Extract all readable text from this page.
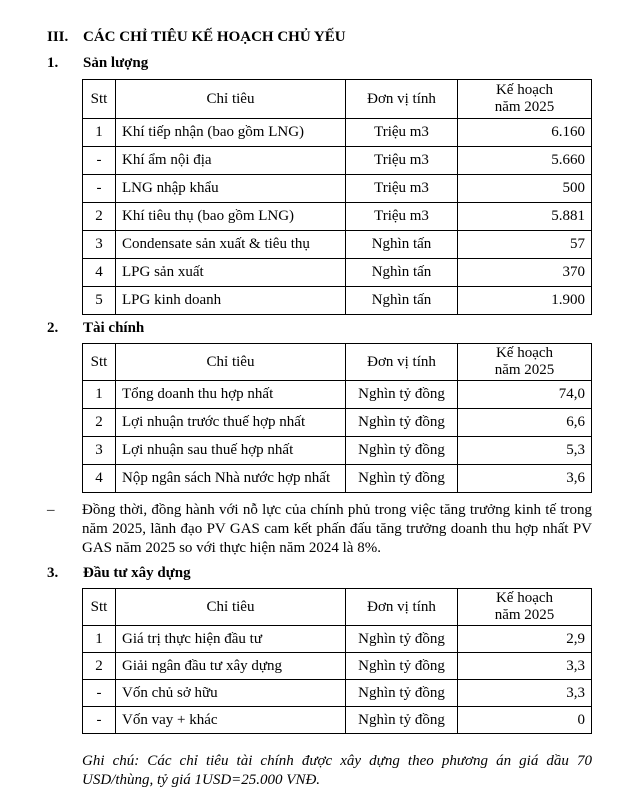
III. CÁC CHỈ TIÊU KẾ HOẠCH CHỦ YẾU
1. Sản lượng
Stt	Chỉ tiêu	Đơn vị tính	Kế hoạch
năm 2025
1	Khí tiếp nhận (bao gồm LNG)	Triệu m3	6.160
-	Khí ẩm nội địa	Triệu m3	5.660
-	LNG nhập khẩu	Triệu m3	500
2	Khí tiêu thụ (bao gồm LNG)	Triệu m3	5.881
3	Condensate sản xuất & tiêu thụ	Nghìn tấn	57
4	LPG sản xuất	Nghìn tấn	370
5	LPG kinh doanh	Nghìn tấn	1.900
2. Tài chính
Stt	Chỉ tiêu	Đơn vị tính	Kế hoạch
năm 2025
1	Tổng doanh thu hợp nhất	Nghìn tỷ đồng	74,0
2	Lợi nhuận trước thuế hợp nhất	Nghìn tỷ đồng	6,6
3	Lợi nhuận sau thuế hợp nhất	Nghìn tỷ đồng	5,3
4	Nộp ngân sách Nhà nước hợp nhất	Nghìn tỷ đồng	3,6
– Đồng thời, đồng hành với nỗ lực của chính phủ trong việc tăng trưởng kinh tế trong năm 2025, lãnh đạo PV GAS cam kết phấn đấu tăng trưởng doanh thu hợp nhất PV GAS năm 2025 so với thực hiện năm 2024 là 8%.
3. Đầu tư xây dựng
Stt	Chỉ tiêu	Đơn vị tính	Kế hoạch
năm 2025
1	Giá trị thực hiện đầu tư	Nghìn tỷ đồng	2,9
2	Giải ngân đầu tư xây dựng	Nghìn tỷ đồng	3,3
-	Vốn chủ sở hữu	Nghìn tỷ đồng	3,3
-	Vốn vay + khác	Nghìn tỷ đồng	0
Ghi chú: Các chỉ tiêu tài chính được xây dựng theo phương án giá dầu 70 USD/thùng, tỷ giá 1USD=25.000 VNĐ.
